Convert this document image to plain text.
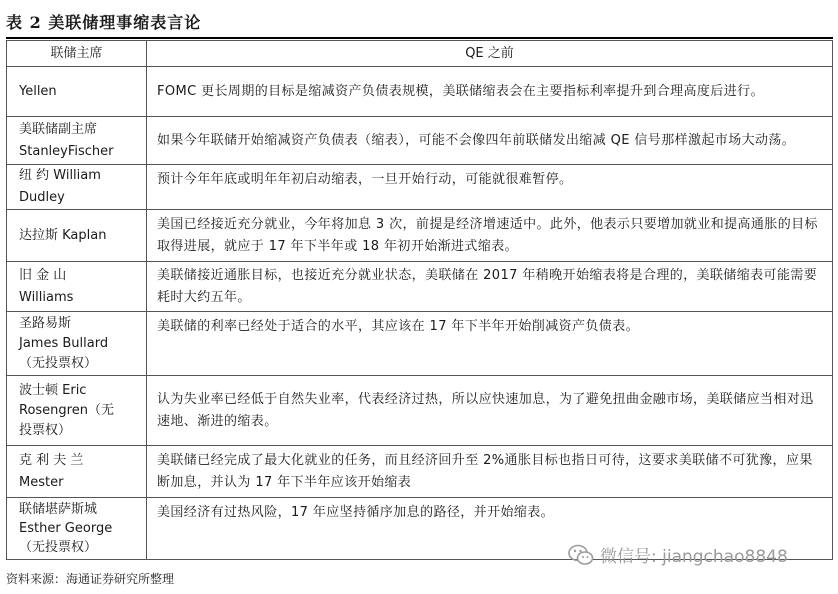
表 2 美联储理事缩表言论
联储主席	QE 之前
Yellen	FOMC 更长周期的目标是缩减资产负债表规模，美联储缩表会在主要指标利率提升到合理高度后进行。
美联储副主席
StanleyFischer	如果今年联储开始缩减资产负债表（缩表），可能不会像四年前联储发出缩减 QE 信号那样激起市场大动荡。
纽 约 William
Dudley	预计今年年底或明年年初启动缩表，一旦开始行动，可能就很难暂停。
达拉斯 Kaplan	美国已经接近充分就业，今年将加息 3 次，前提是经济增速适中。此外，他表示只要增加就业和提高通胀的目标取得进展，就应于 17 年下半年或 18 年初开始渐进式缩表。
旧 金 山
Williams	美联储接近通胀目标，也接近充分就业状态，美联储在 2017 年稍晚开始缩表将是合理的，美联储缩表可能需要耗时大约五年。
圣路易斯
James Bullard
（无投票权）	美联储的利率已经处于适合的水平，其应该在 17 年下半年开始削减资产负债表。
波士顿 Eric
Rosengren（无
投票权）	认为失业率已经低于自然失业率，代表经济过热，所以应快速加息，为了避免扭曲金融市场，美联储应当相对迅速地、渐进的缩表。
克 利 夫 兰
Mester	美联储已经完成了最大化就业的任务，而且经济回升至 2%通胀目标也指日可待，这要求美联储不可犹豫，应果断加息，并认为 17 年下半年应该开始缩表
联储堪萨斯城
Esther George
（无投票权）	美国经济有过热风险，17 年应坚持循序加息的路径，并开始缩表。
微信号: jiangchao8848
资料来源：海通证券研究所整理
